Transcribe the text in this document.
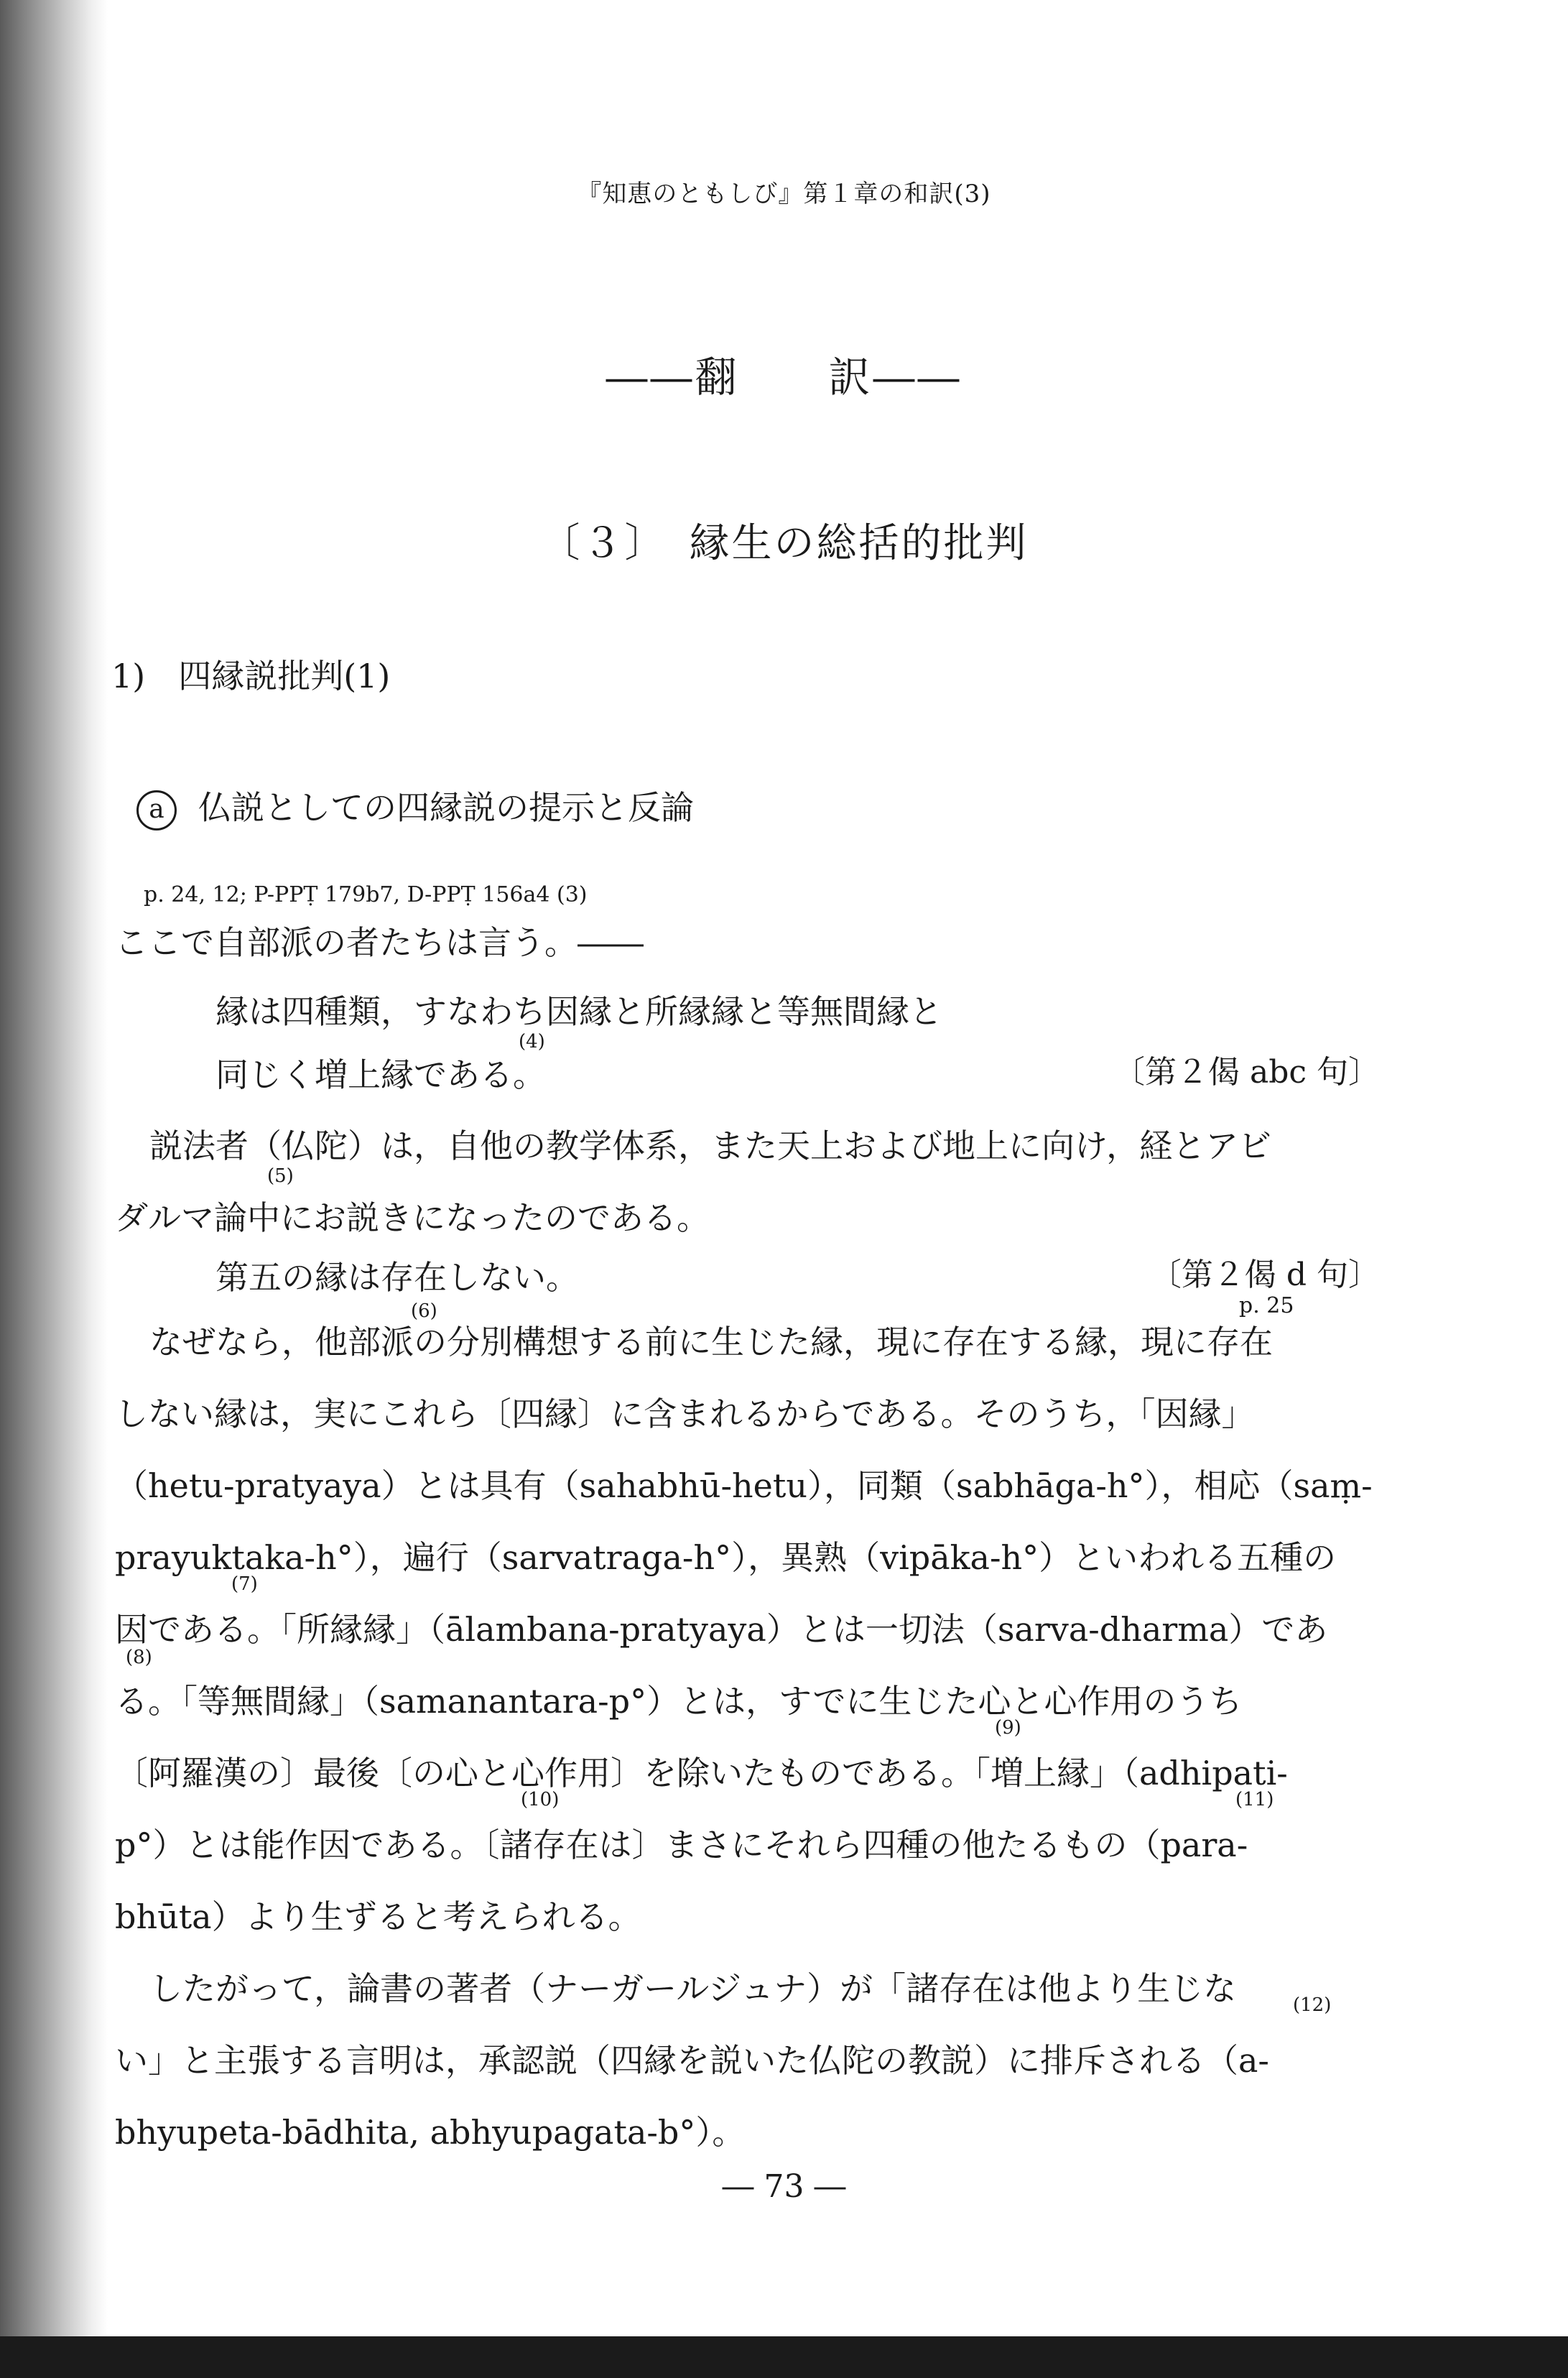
『知恵のともしび』第１章の和訳(3)
――翻　　訳――
〔３〕　縁生の総括的批判
1)　四縁説批判(1)
a 仏説としての四縁説の提示と反論
p. 24, 12; P-PPṬ 179b7, D-PPṬ 156a4 (3)
ここで自部派の者たちは言う。――
縁は四種類，すなわち因縁と所縁縁と等無間縁と
(4)
同じく増上縁である。	〔第２偈 abc 句〕
(5)
説法者（仏陀）は，自他の教学体系，また天上および地上に向け，経とアビ
ダルマ論中にお説きになったのである。
第五の縁は存在しない。	〔第２偈 d 句〕
(6)	p. 25
なぜなら，他部派の分別構想する前に生じた縁，現に存在する縁，現に存在
しない縁は，実にこれら〔四縁〕に含まれるからである。そのうち，「因縁」
（hetu-pratyaya）とは具有（sahabhū-hetu），同類（sabhāga-h°），相応（saṃ-
prayuktaka-h°），遍行（sarvatraga-h°），異熟（vipāka-h°）といわれる五種の
因である。「所縁縁」（ālambana-pratyaya）とは一切法（sarva-dharma）であ
る。「等無間縁」（samanantara-p°）とは，すでに生じた心と心作用のうち
〔阿羅漢の〕最後〔の心と心作用〕を除いたものである。「増上縁」（adhipati-
p°）とは能作因である。〔諸存在は〕まさにそれら四種の他たるもの（para-
bhūta）より生ずると考えられる。
(7)
(8)
(9)
(10)	(11)
したがって，論書の著者（ナーガールジュナ）が「諸存在は他より生じな
い」と主張する言明は，承認説（四縁を説いた仏陀の教説）に排斥される（a-
bhyupeta-bādhita, abhyupagata-b°）。
(12)
― 73 ―
